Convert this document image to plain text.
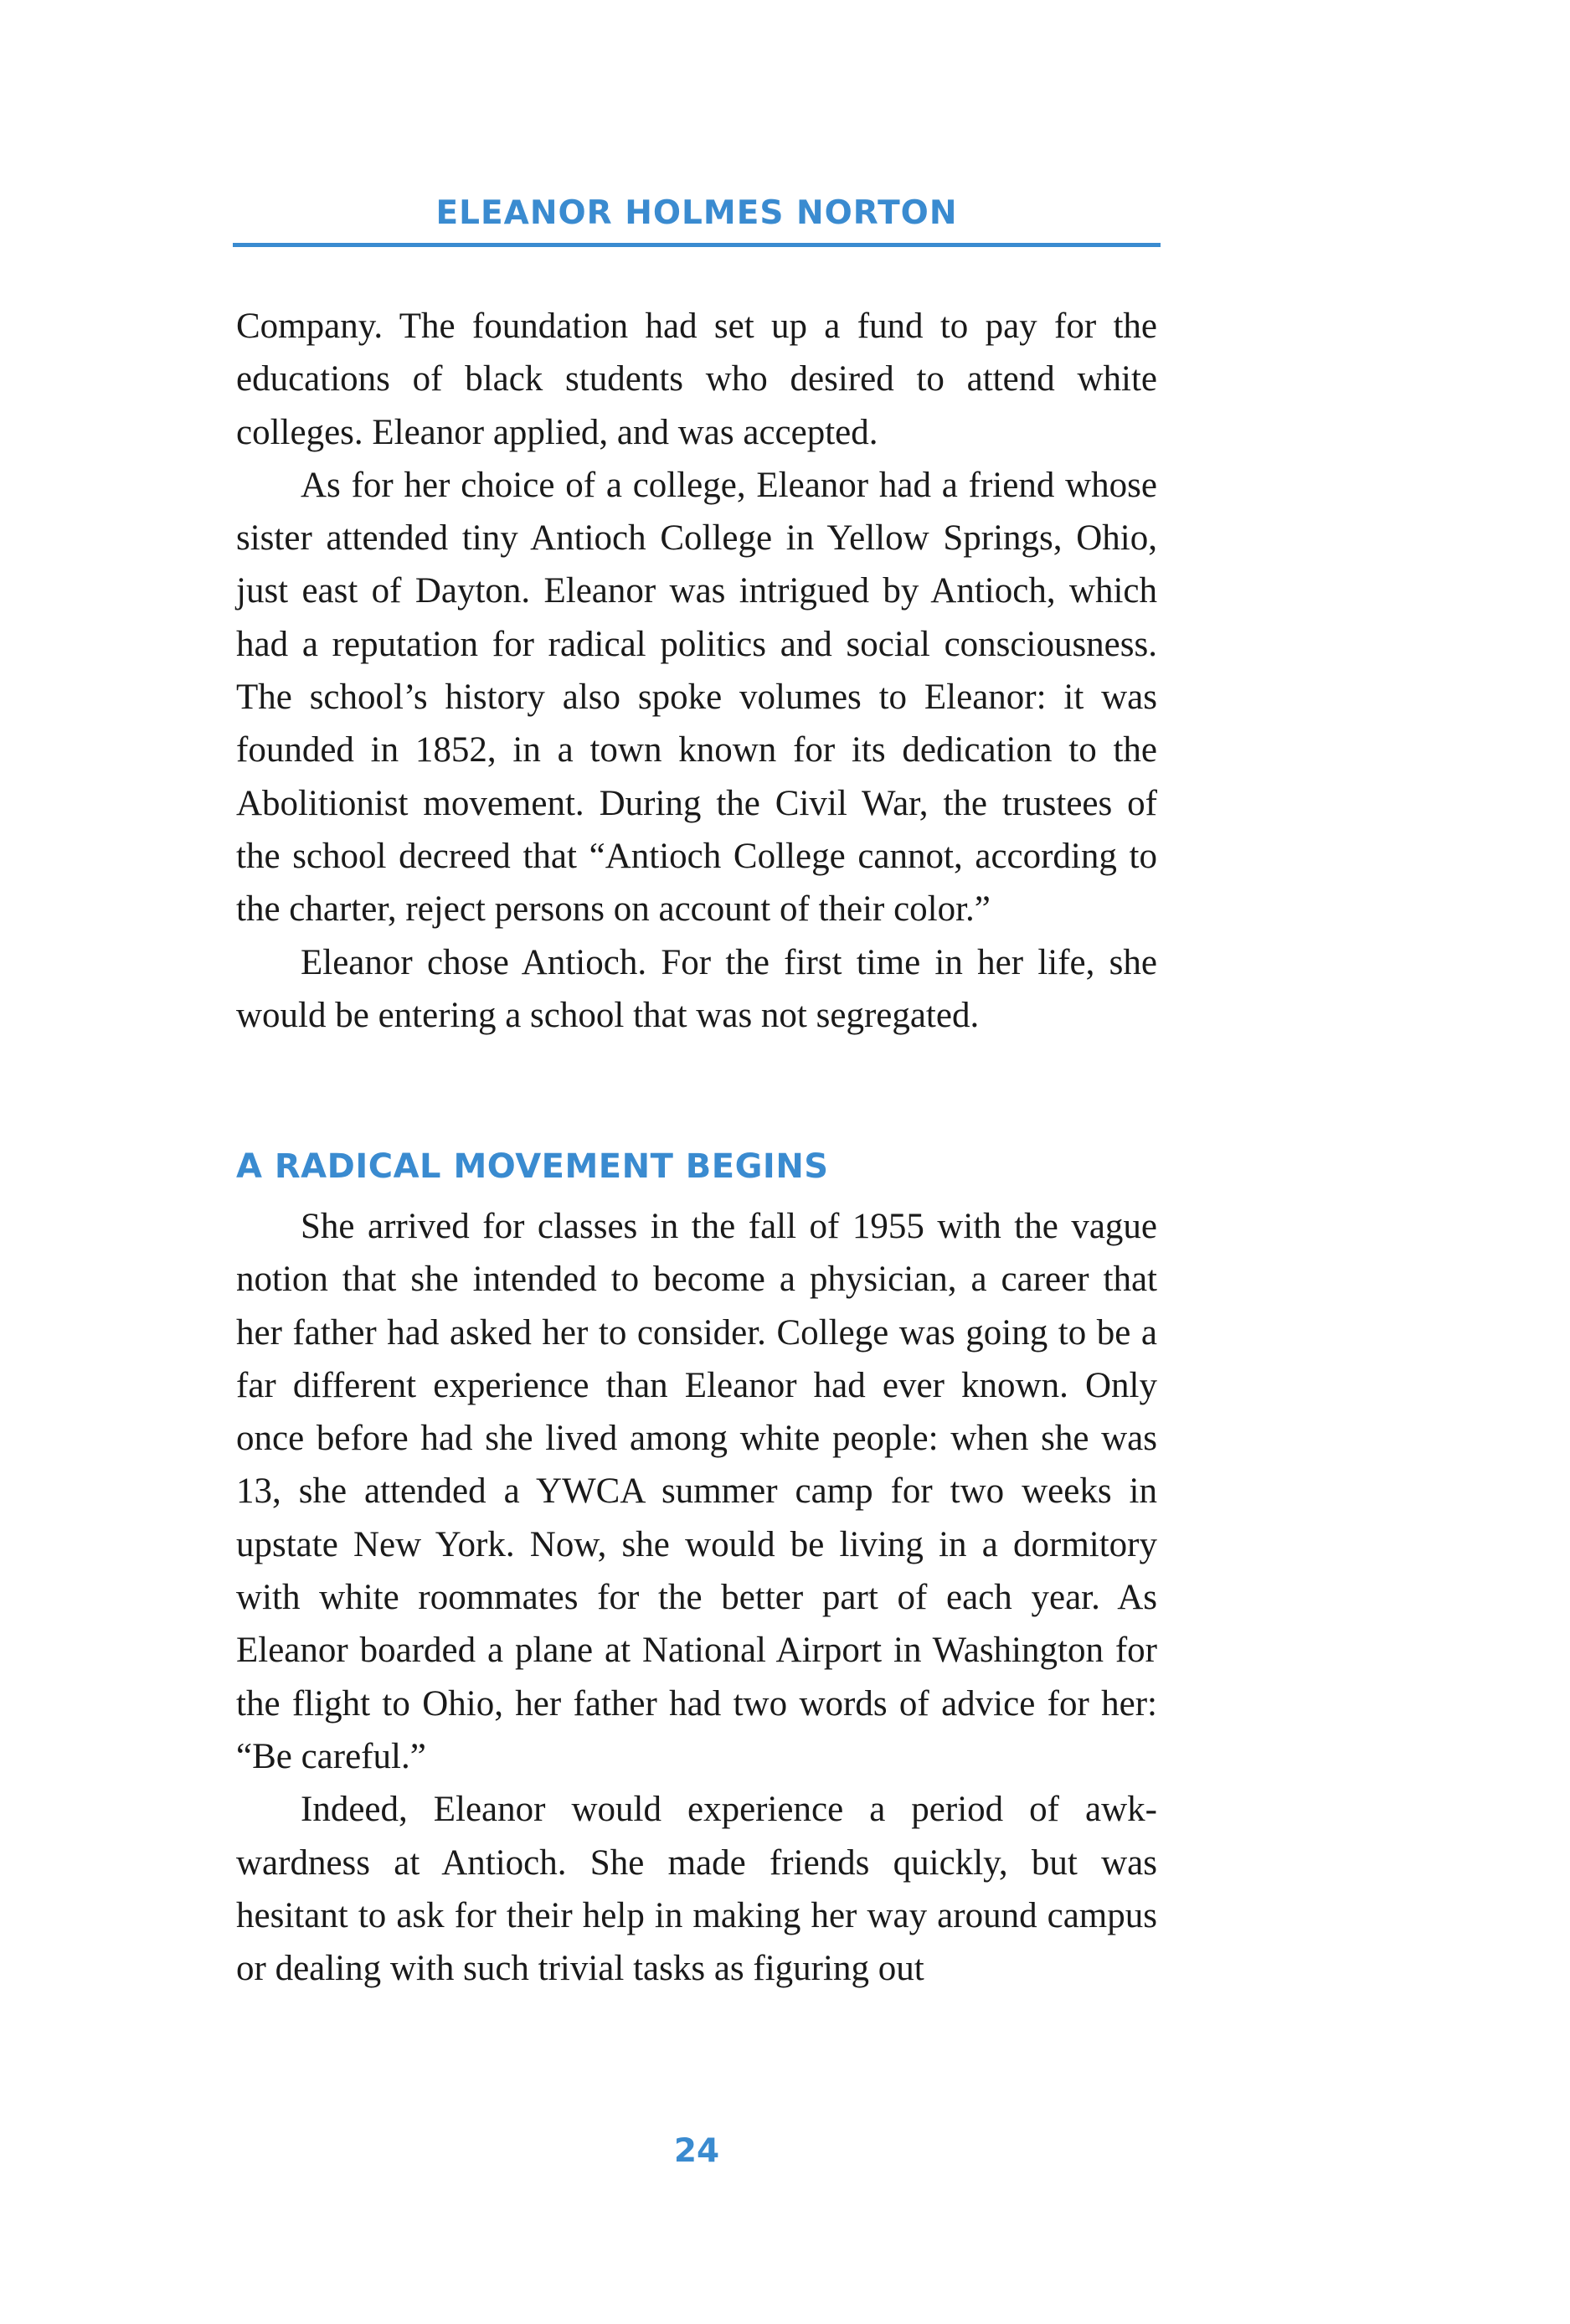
ELEANOR HOLMES NORTON

Company. The foundation had set up a fund to pay for the educations of black students who desired to attend white colleges. Eleanor applied, and was accepted.

As for her choice of a college, Eleanor had a friend whose sister attended tiny Antioch College in Yellow Springs, Ohio, just east of Dayton. Eleanor was intrigued by Antioch, which had a reputation for radical politics and social consciousness. The school’s history also spoke volumes to Eleanor: it was founded in 1852, in a town known for its dedication to the Abolitionist movement. During the Civil War, the trustees of the school decreed that “Antioch College cannot, according to the charter, reject persons on account of their color.”

Eleanor chose Antioch. For the first time in her life, she would be entering a school that was not segregated.

A RADICAL MOVEMENT BEGINS

She arrived for classes in the fall of 1955 with the vague notion that she intended to become a physician, a career that her father had asked her to consider. College was going to be a far different experience than Eleanor had ever known. Only once before had she lived among white people: when she was 13, she attended a YWCA summer camp for two weeks in upstate New York. Now, she would be living in a dormitory with white roommates for the better part of each year. As Eleanor boarded a plane at National Airport in Washington for the flight to Ohio, her father had two words of advice for her: “Be careful.”

Indeed, Eleanor would experience a period of awkwardness at Antioch. She made friends quickly, but was hesitant to ask for their help in making her way around campus or dealing with such trivial tasks as figuring out

24
